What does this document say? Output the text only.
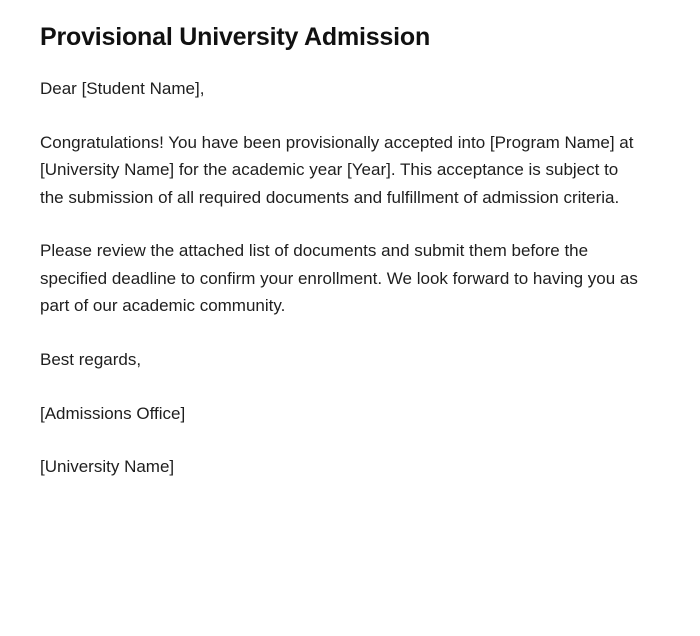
Provisional University Admission

Dear [Student Name],

Congratulations! You have been provisionally accepted into [Program Name] at [University Name] for the academic year [Year]. This acceptance is subject to the submission of all required documents and fulfillment of admission criteria.

Please review the attached list of documents and submit them before the specified deadline to confirm your enrollment. We look forward to having you as part of our academic community.

Best regards,

[Admissions Office]

[University Name]
